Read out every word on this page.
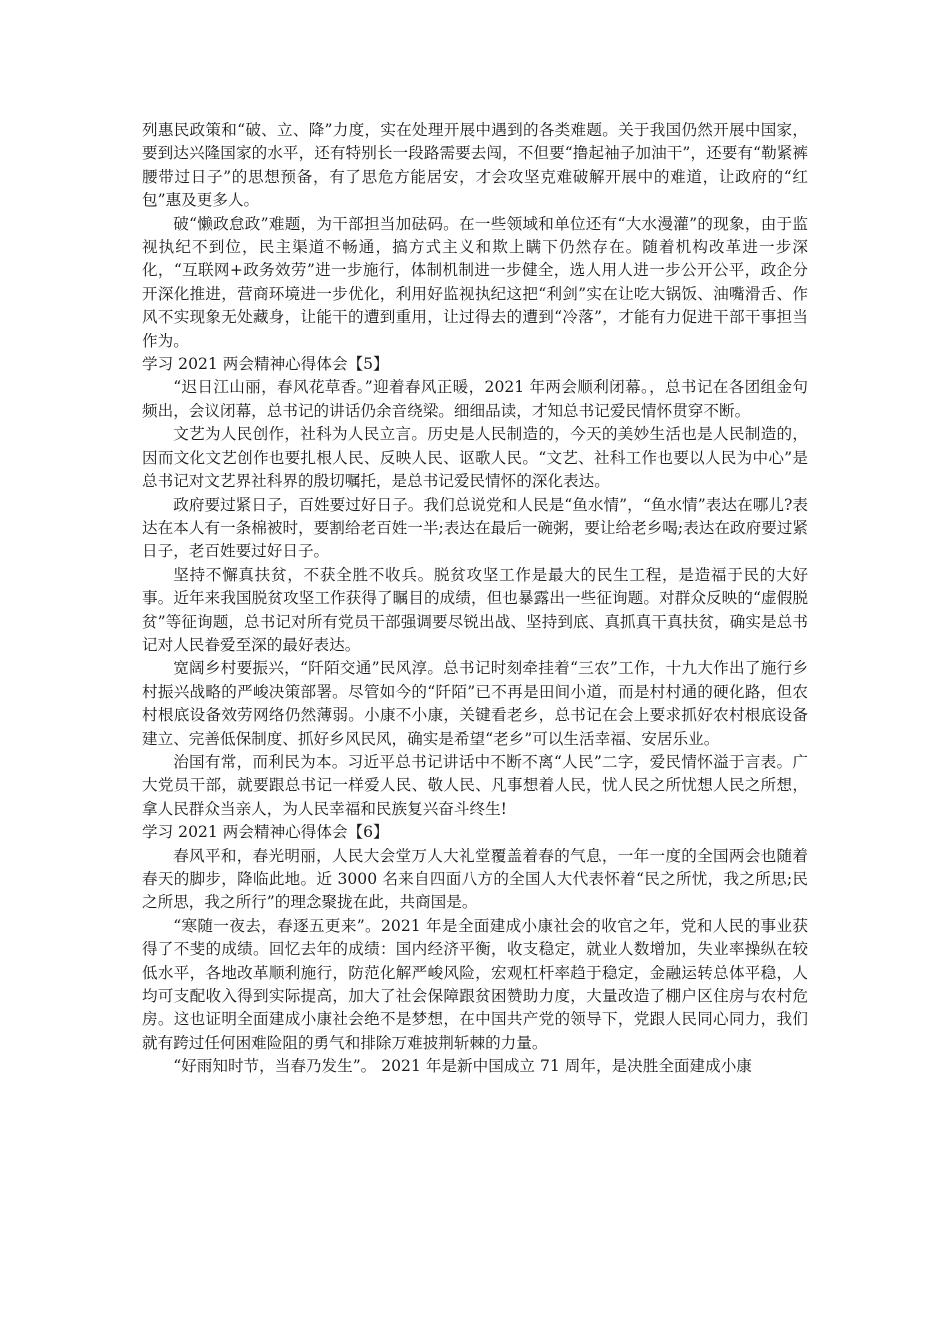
列惠民政策和“破、立、降”力度，实在处理开展中遇到的各类难题。关于我国仍然开展中国家，要到达兴隆国家的水平，还有特别长一段路需要去闯，不但要“撸起袖子加油干”，还要有“勒紧裤腰带过日子”的思想预备，有了思危方能居安，才会攻坚克难破解开展中的难道，让政府的“红包”惠及更多人。

破“懒政怠政”难题，为干部担当加砝码。在一些领域和单位还有“大水漫灌”的现象，由于监视执纪不到位，民主渠道不畅通，搞方式主义和欺上瞒下仍然存在。随着机构改革进一步深化，“互联网+政务效劳”进一步施行，体制机制进一步健全，选人用人进一步公开公平，政企分开深化推进，营商环境进一步优化，利用好监视执纪这把“利剑”实在让吃大锅饭、油嘴滑舌、作风不实现象无处藏身，让能干的遭到重用，让过得去的遭到“冷落”，才能有力促进干部干事担当作为。

学习 2021 两会精神心得体会【5】

“迟日江山丽，春风花草香。”迎着春风正暖，2021 年两会顺利闭幕。，总书记在各团组金句频出，会议闭幕，总书记的讲话仍余音绕梁。细细品读，才知总书记爱民情怀贯穿不断。

文艺为人民创作，社科为人民立言。历史是人民制造的，今天的美妙生活也是人民制造的，因而文化文艺创作也要扎根人民、反映人民、讴歌人民。“文艺、社科工作也要以人民为中心”是总书记对文艺界社科界的殷切嘱托，是总书记爱民情怀的深化表达。

政府要过紧日子，百姓要过好日子。我们总说党和人民是“鱼水情”，“鱼水情”表达在哪儿?表达在本人有一条棉被时，要割给老百姓一半;表达在最后一碗粥，要让给老乡喝;表达在政府要过紧日子，老百姓要过好日子。

坚持不懈真扶贫，不获全胜不收兵。脱贫攻坚工作是最大的民生工程，是造福于民的大好事。近年来我国脱贫攻坚工作获得了瞩目的成绩，但也暴露出一些征询题。对群众反映的“虚假脱贫”等征询题，总书记对所有党员干部强调要尽锐出战、坚持到底、真抓真干真扶贫，确实是总书记对人民眷爱至深的最好表达。

宽阔乡村要振兴，“阡陌交通”民风淳。总书记时刻牵挂着“三农”工作，十九大作出了施行乡村振兴战略的严峻决策部署。尽管如今的“阡陌”已不再是田间小道，而是村村通的硬化路，但农村根底设备效劳网络仍然薄弱。小康不小康，关键看老乡，总书记在会上要求抓好农村根底设备建立、完善低保制度、抓好乡风民风，确实是希望“老乡”可以生活幸福、安居乐业。

治国有常，而利民为本。习近平总书记讲话中不断不离“人民”二字，爱民情怀溢于言表。广大党员干部，就要跟总书记一样爱人民、敬人民、凡事想着人民，忧人民之所忧想人民之所想，拿人民群众当亲人，为人民幸福和民族复兴奋斗终生!

学习 2021 两会精神心得体会【6】

春风平和，春光明丽，人民大会堂万人大礼堂覆盖着春的气息，一年一度的全国两会也随着春天的脚步，降临此地。近 3000 名来自四面八方的全国人大代表怀着“民之所忧，我之所思;民之所思，我之所行”的理念聚拢在此，共商国是。

“寒随一夜去，春逐五更来”。2021 年是全面建成小康社会的收官之年，党和人民的事业获得了不斐的成绩。回忆去年的成绩：国内经济平衡，收支稳定，就业人数增加，失业率操纵在较低水平，各地改革顺利施行，防范化解严峻风险，宏观杠杆率趋于稳定，金融运转总体平稳，人均可支配收入得到实际提高，加大了社会保障跟贫困赞助力度，大量改造了棚户区住房与农村危房。这也证明全面建成小康社会绝不是梦想，在中国共产党的领导下，党跟人民同心同力，我们就有跨过任何困难险阻的勇气和排除万难披荆斩棘的力量。

“好雨知时节，当春乃发生”。 2021 年是新中国成立 71 周年，是决胜全面建成小康
